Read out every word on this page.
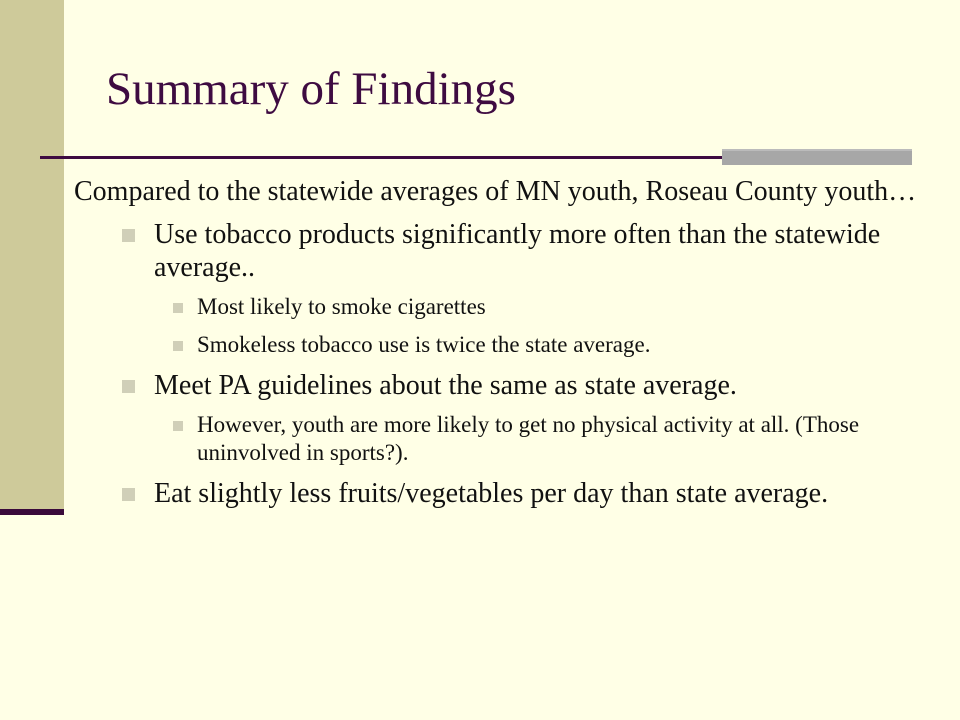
Summary of Findings
Compared to the statewide averages of MN youth, Roseau County youth…
Use tobacco products significantly more often than the statewide average..
Most likely to smoke cigarettes
Smokeless tobacco use is twice the state average.
Meet PA guidelines about the same as state average.
However, youth are more likely to get no physical activity at all. (Those uninvolved in sports?).
Eat slightly less fruits/vegetables per day than state average.
